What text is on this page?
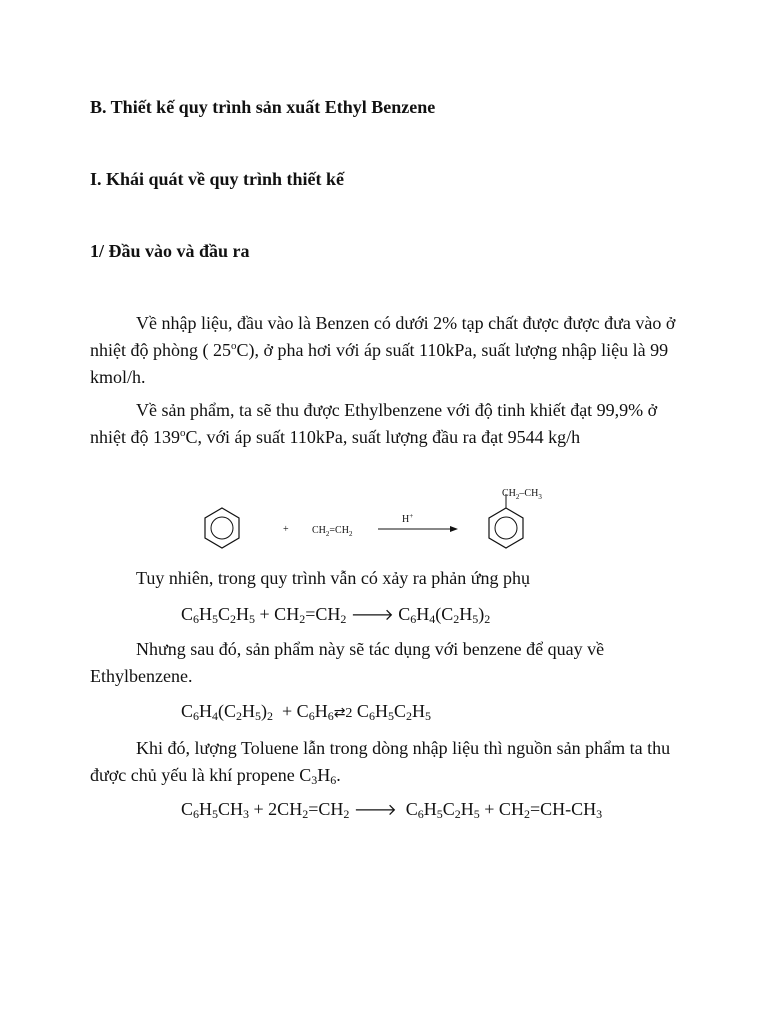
B. Thiết kế quy trình sản xuất Ethyl Benzene
I. Khái quát về quy trình thiết kế
1/ Đầu vào và đầu ra
Về nhập liệu, đầu vào là Benzen có dưới 2% tạp chất được được đưa vào ở nhiệt độ phòng ( 25$^o$C), ở pha hơi với áp suất 110kPa, suất lượng nhập liệu là 99 kmol/h.
Về sản phẩm, ta sẽ thu được Ethylbenzene với độ tinh khiết đạt 99,9% ở nhiệt độ 139$^o$C, với áp suất 110kPa, suất lượng đầu ra đạt 9544 kg/h
+ $CH_2=CH_2$
H+
$CH_2-CH_3$
Tuy nhiên, trong quy trình vẫn có xảy ra phản ứng phụ
$C_6H_5C_2H_5 + CH_2=CH_2$ 🡒 $C_6H_4(C_2H_5)_2$
Nhưng sau đó, sản phẩm này sẽ tác dụng với benzene để quay về Ethylbenzene.
$C_6H_4(C_2H_5)_2$  + $C_6H_6⇄2$ $C_6H_5C_2H_5$
Khi đó, lượng Toluene lẫn trong dòng nhập liệu thì nguồn sản phẩm ta thu được chủ yếu là khí propene $C_3H_6$.
$C_6H_5CH_3 + 2CH_2=CH_2$ 🡒  $C_6H_5C_2H_5 + CH_2=CH-CH_3$
